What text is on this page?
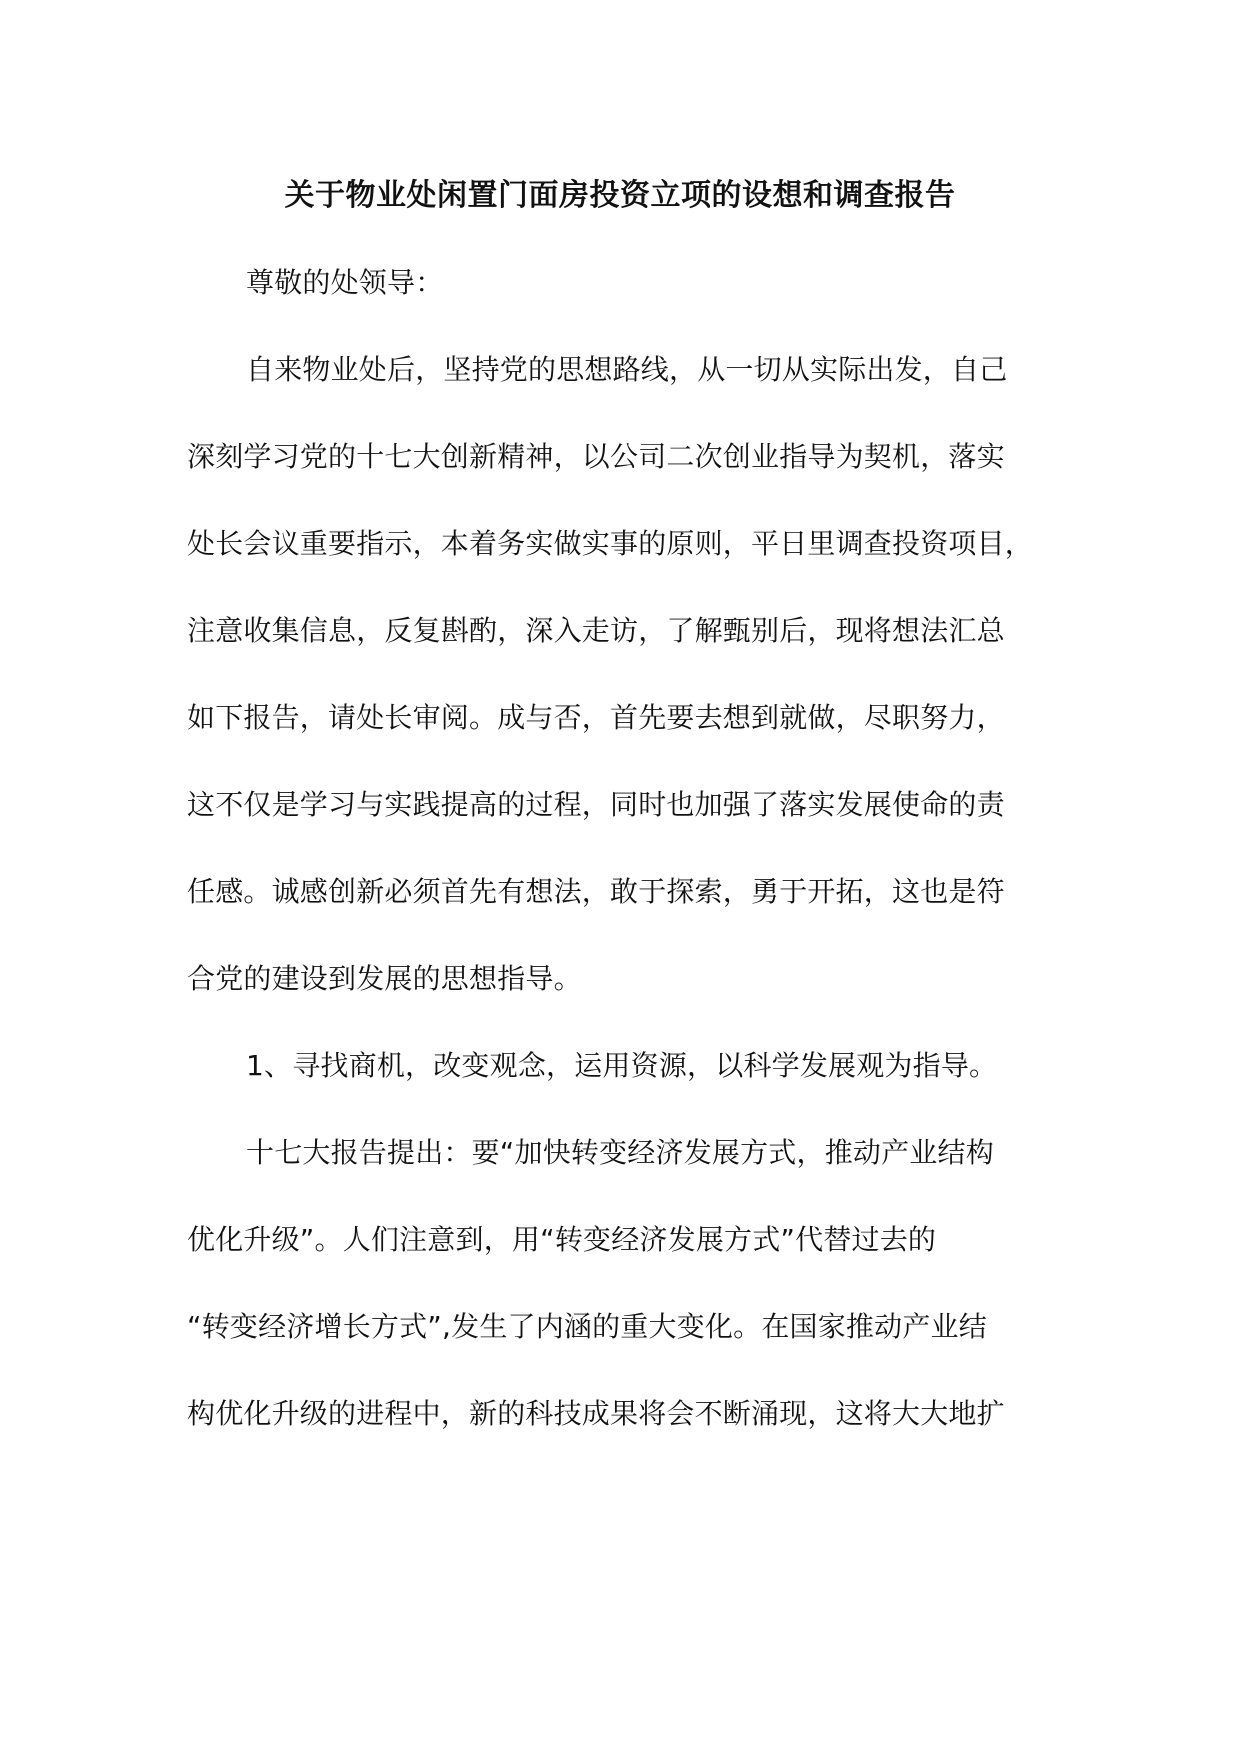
关于物业处闲置门面房投资立项的设想和调查报告
尊敬的处领导：
自来物业处后，坚持党的思想路线，从一切从实际出发，自己
深刻学习党的十七大创新精神，以公司二次创业指导为契机，落实
处长会议重要指示，本着务实做实事的原则，平日里调查投资项目，
注意收集信息，反复斟酌，深入走访，了解甄别后，现将想法汇总
如下报告，请处长审阅。成与否，首先要去想到就做，尽职努力，
这不仅是学习与实践提高的过程，同时也加强了落实发展使命的责
任感。诚感创新必须首先有想法，敢于探索，勇于开拓，这也是符
合党的建设到发展的思想指导。
1、寻找商机，改变观念，运用资源，以科学发展观为指导。
十七大报告提出：要“加快转变经济发展方式，推动产业结构
优化升级”。人们注意到，用“转变经济发展方式”代替过去的
“转变经济增长方式”,发生了内涵的重大变化。在国家推动产业结
构优化升级的进程中，新的科技成果将会不断涌现，这将大大地扩
